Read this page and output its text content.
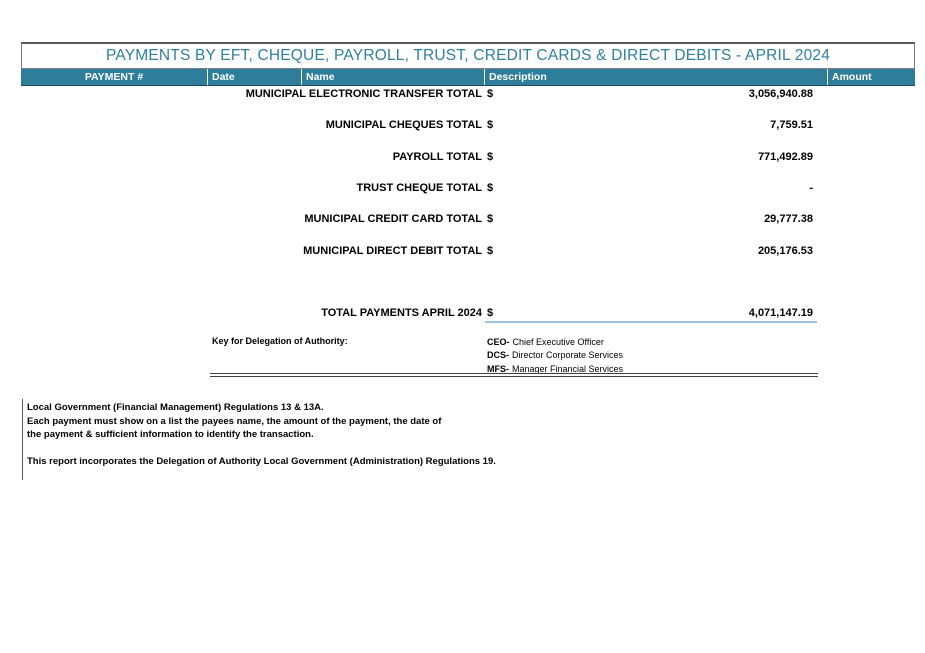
PAYMENTS BY EFT, CHEQUE, PAYROLL, TRUST, CREDIT CARDS & DIRECT DEBITS - APRIL 2024
PAYMENT #	Date	Name	Description	Amount
MUNICIPAL ELECTRONIC TRANSFER TOTAL $	3,056,940.88
MUNICIPAL CHEQUES TOTAL $	7,759.51
PAYROLL TOTAL $	771,492.89
TRUST CHEQUE TOTAL $	-
MUNICIPAL CREDIT CARD TOTAL $	29,777.38
MUNICIPAL DIRECT DEBIT TOTAL $	205,176.53
TOTAL PAYMENTS APRIL 2024 $	4,071,147.19
Key for Delegation of Authority:	CEO- Chief Executive Officer
DCS- Director Corporate Services
MFS- Manager Financial Services
Local Government (Financial Management) Regulations 13 & 13A.
Each payment must show on a list the payees name, the amount of the payment, the date of
the payment & sufficient information to identify the transaction.
This report incorporates the Delegation of Authority Local Government (Administration) Regulations 19.
